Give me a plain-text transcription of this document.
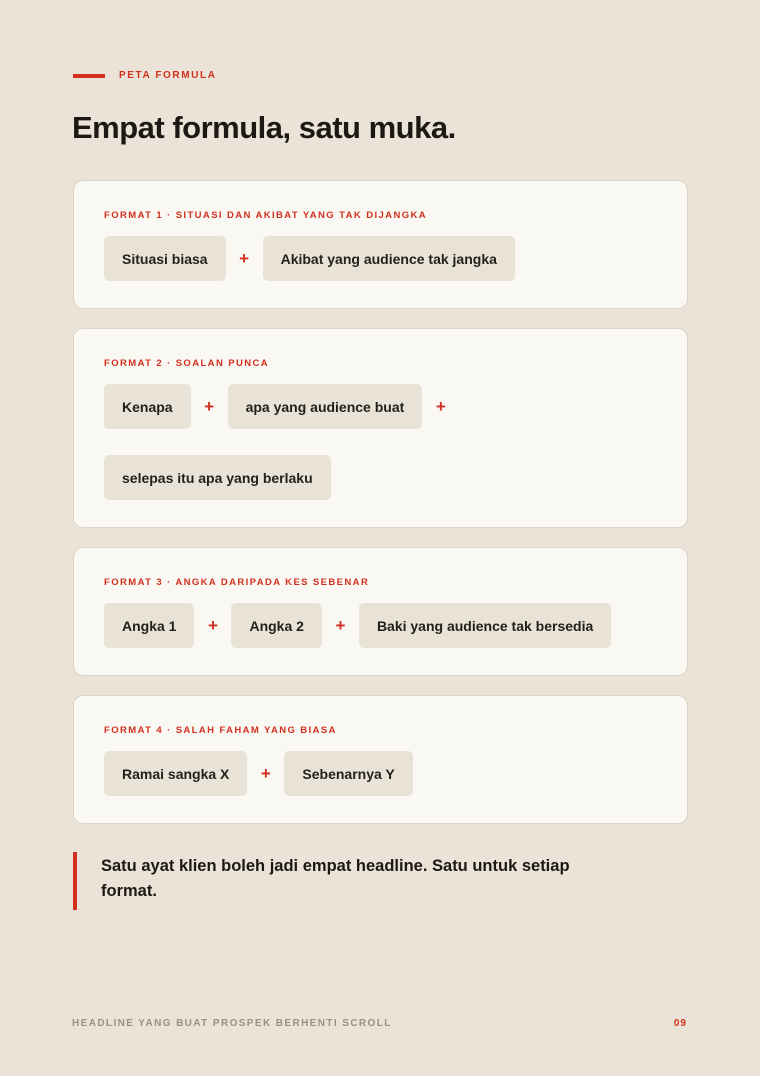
PETA FORMULA
Empat formula, satu muka.
FORMAT 1 · SITUASI DAN AKIBAT YANG TAK DIJANGKA
Situasi biasa	+	Akibat yang audience tak jangka
FORMAT 2 · SOALAN PUNCA
Kenapa	+	apa yang audience buat	+
selepas itu apa yang berlaku
FORMAT 3 · ANGKA DARIPADA KES SEBENAR
Angka 1	+	Angka 2	+	Baki yang audience tak bersedia
FORMAT 4 · SALAH FAHAM YANG BIASA
Ramai sangka X	+	Sebenarnya Y
Satu ayat klien boleh jadi empat headline. Satu untuk setiap format.
HEADLINE YANG BUAT PROSPEK BERHENTI SCROLL	09
